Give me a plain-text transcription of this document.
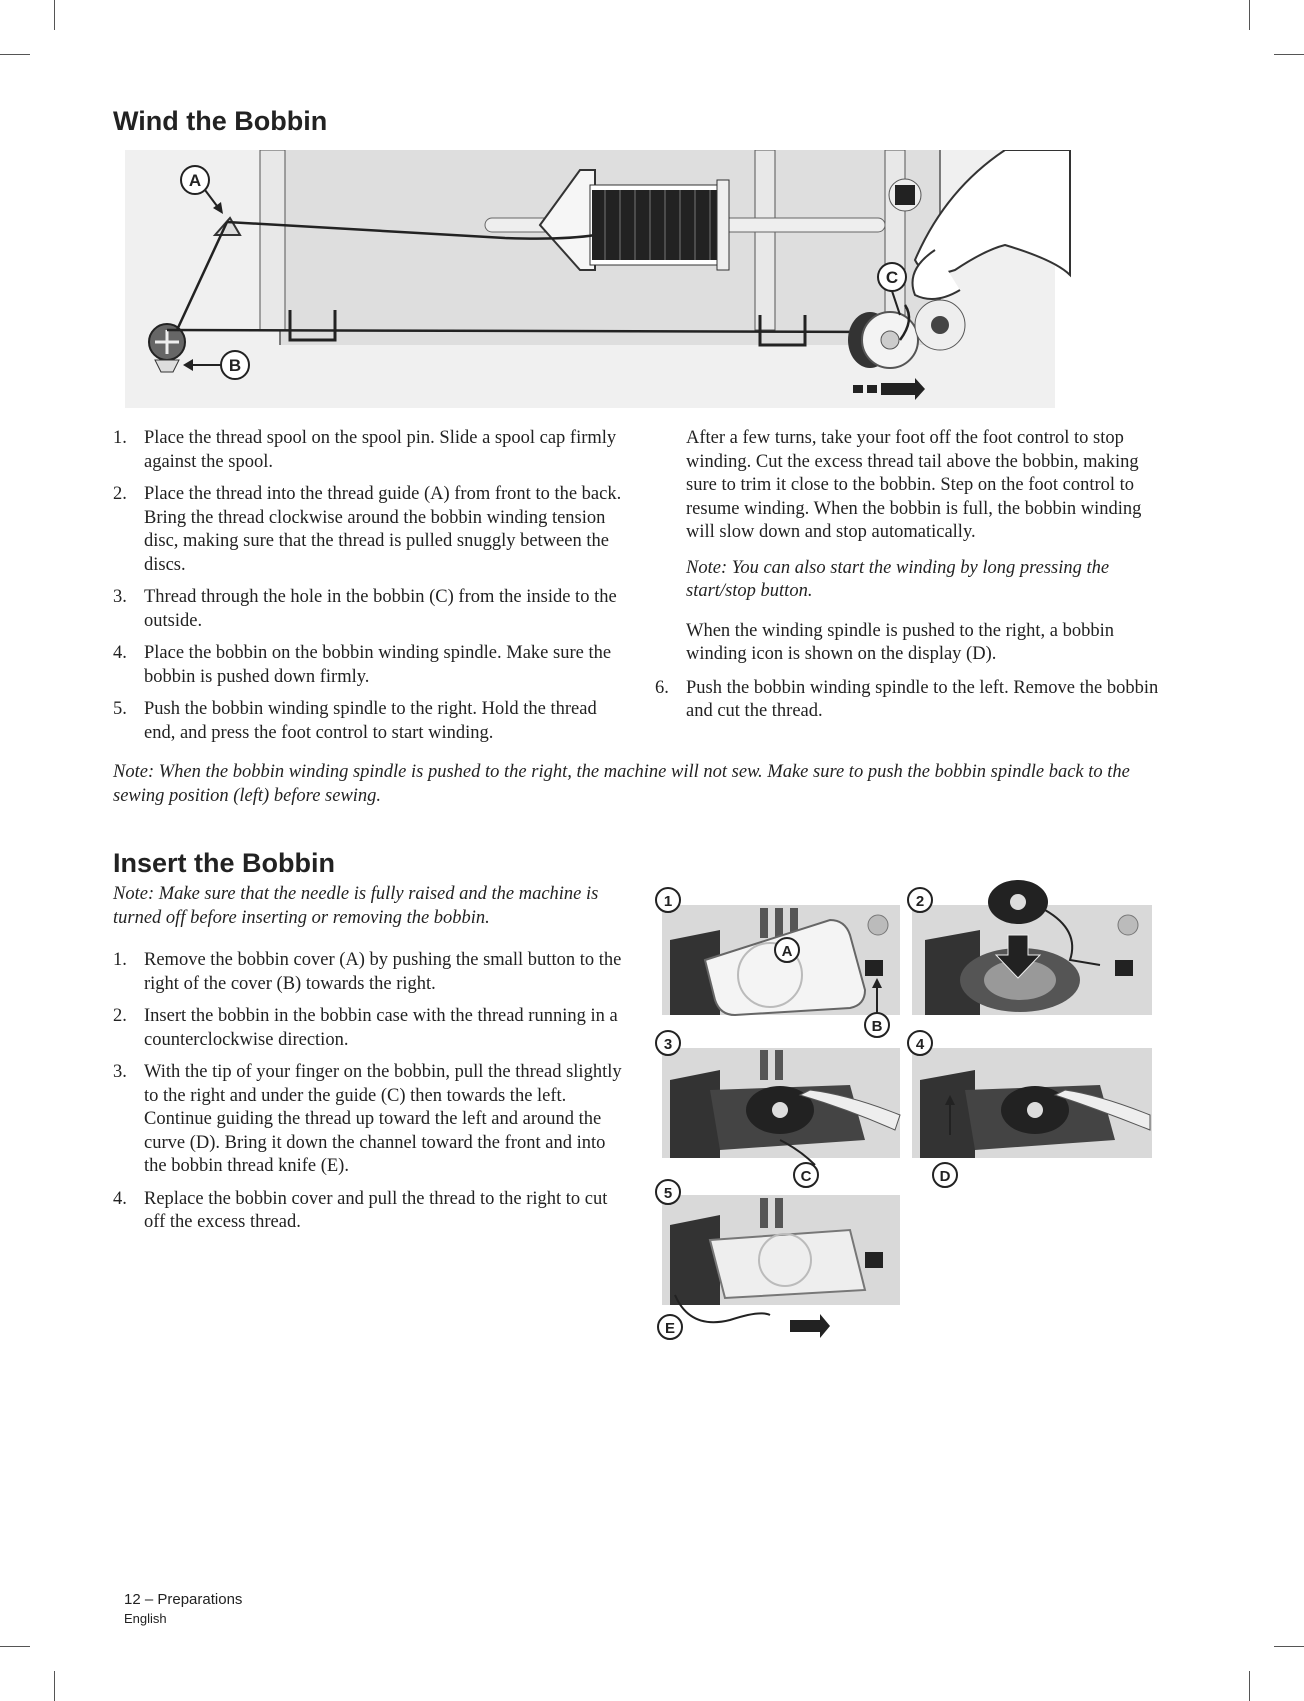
Wind the Bobbin
A
B
C
1. Place the thread spool on the spool pin. Slide a spool cap firmly against the spool.
2. Place the thread into the thread guide (A) from front to the back. Bring the thread clockwise around the bobbin winding tension disc, making sure that the thread is pulled snuggly between the discs.
3. Thread through the hole in the bobbin (C) from the inside to the outside.
4. Place the bobbin on the bobbin winding spindle. Make sure the bobbin is pushed down firmly.
5. Push the bobbin winding spindle to the right. Hold the thread end, and press the foot control to start winding.

After a few turns, take your foot off the foot control to stop winding. Cut the excess thread tail above the bobbin, making sure to trim it close to the bobbin. Step on the foot control to resume winding. When the bobbin is full, the bobbin winding will slow down and stop automatically.

Note: You can also start the winding by long pressing the start/stop button.

When the winding spindle is pushed to the right, a bobbin winding icon is shown on the display (D).

6. Push the bobbin winding spindle to the left. Remove the bobbin and cut the thread.

Note: When the bobbin winding spindle is pushed to the right, the machine will not sew. Make sure to push the bobbin spindle back to the sewing position (left) before sewing.

Insert the Bobbin

Note: Make sure that the needle is fully raised and the machine is turned off before inserting or removing the bobbin.

1. Remove the bobbin cover (A) by pushing the small button to the right of the cover (B) towards the right.
2. Insert the bobbin in the bobbin case with the thread running in a counterclockwise direction.
3. With the tip of your finger on the bobbin, pull the thread slightly to the right and under the guide (C) then towards the left. Continue guiding the thread up toward the left and around the curve (D). Bring it down the channel toward the front and into the bobbin thread knife (E).
4. Replace the bobbin cover and pull the thread to the right to cut off the excess thread.
1
A
B
2
3
C
4
D
5
E
12 – Preparations
English
